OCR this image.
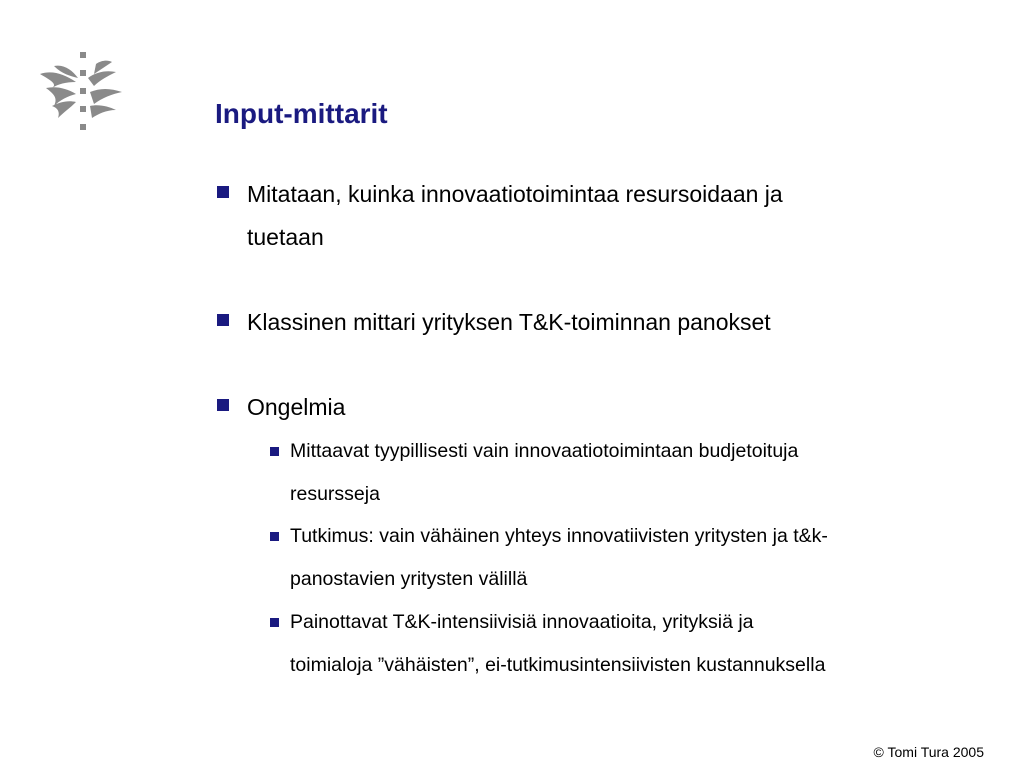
Input-mittarit
Mitataan, kuinka innovaatiotoimintaa resursoidaan ja
tuetaan
Klassinen mittari yrityksen T&K-toiminnan panokset
Ongelmia
Mittaavat tyypillisesti vain innovaatiotoimintaan budjetoituja
resursseja
Tutkimus: vain vähäinen yhteys innovatiivisten yritysten ja t&k-
panostavien yritysten välillä
Painottavat T&K-intensiivisiä innovaatioita, yrityksiä ja
toimialoja ”vähäisten”, ei-tutkimusintensiivisten kustannuksella
© Tomi Tura 2005
